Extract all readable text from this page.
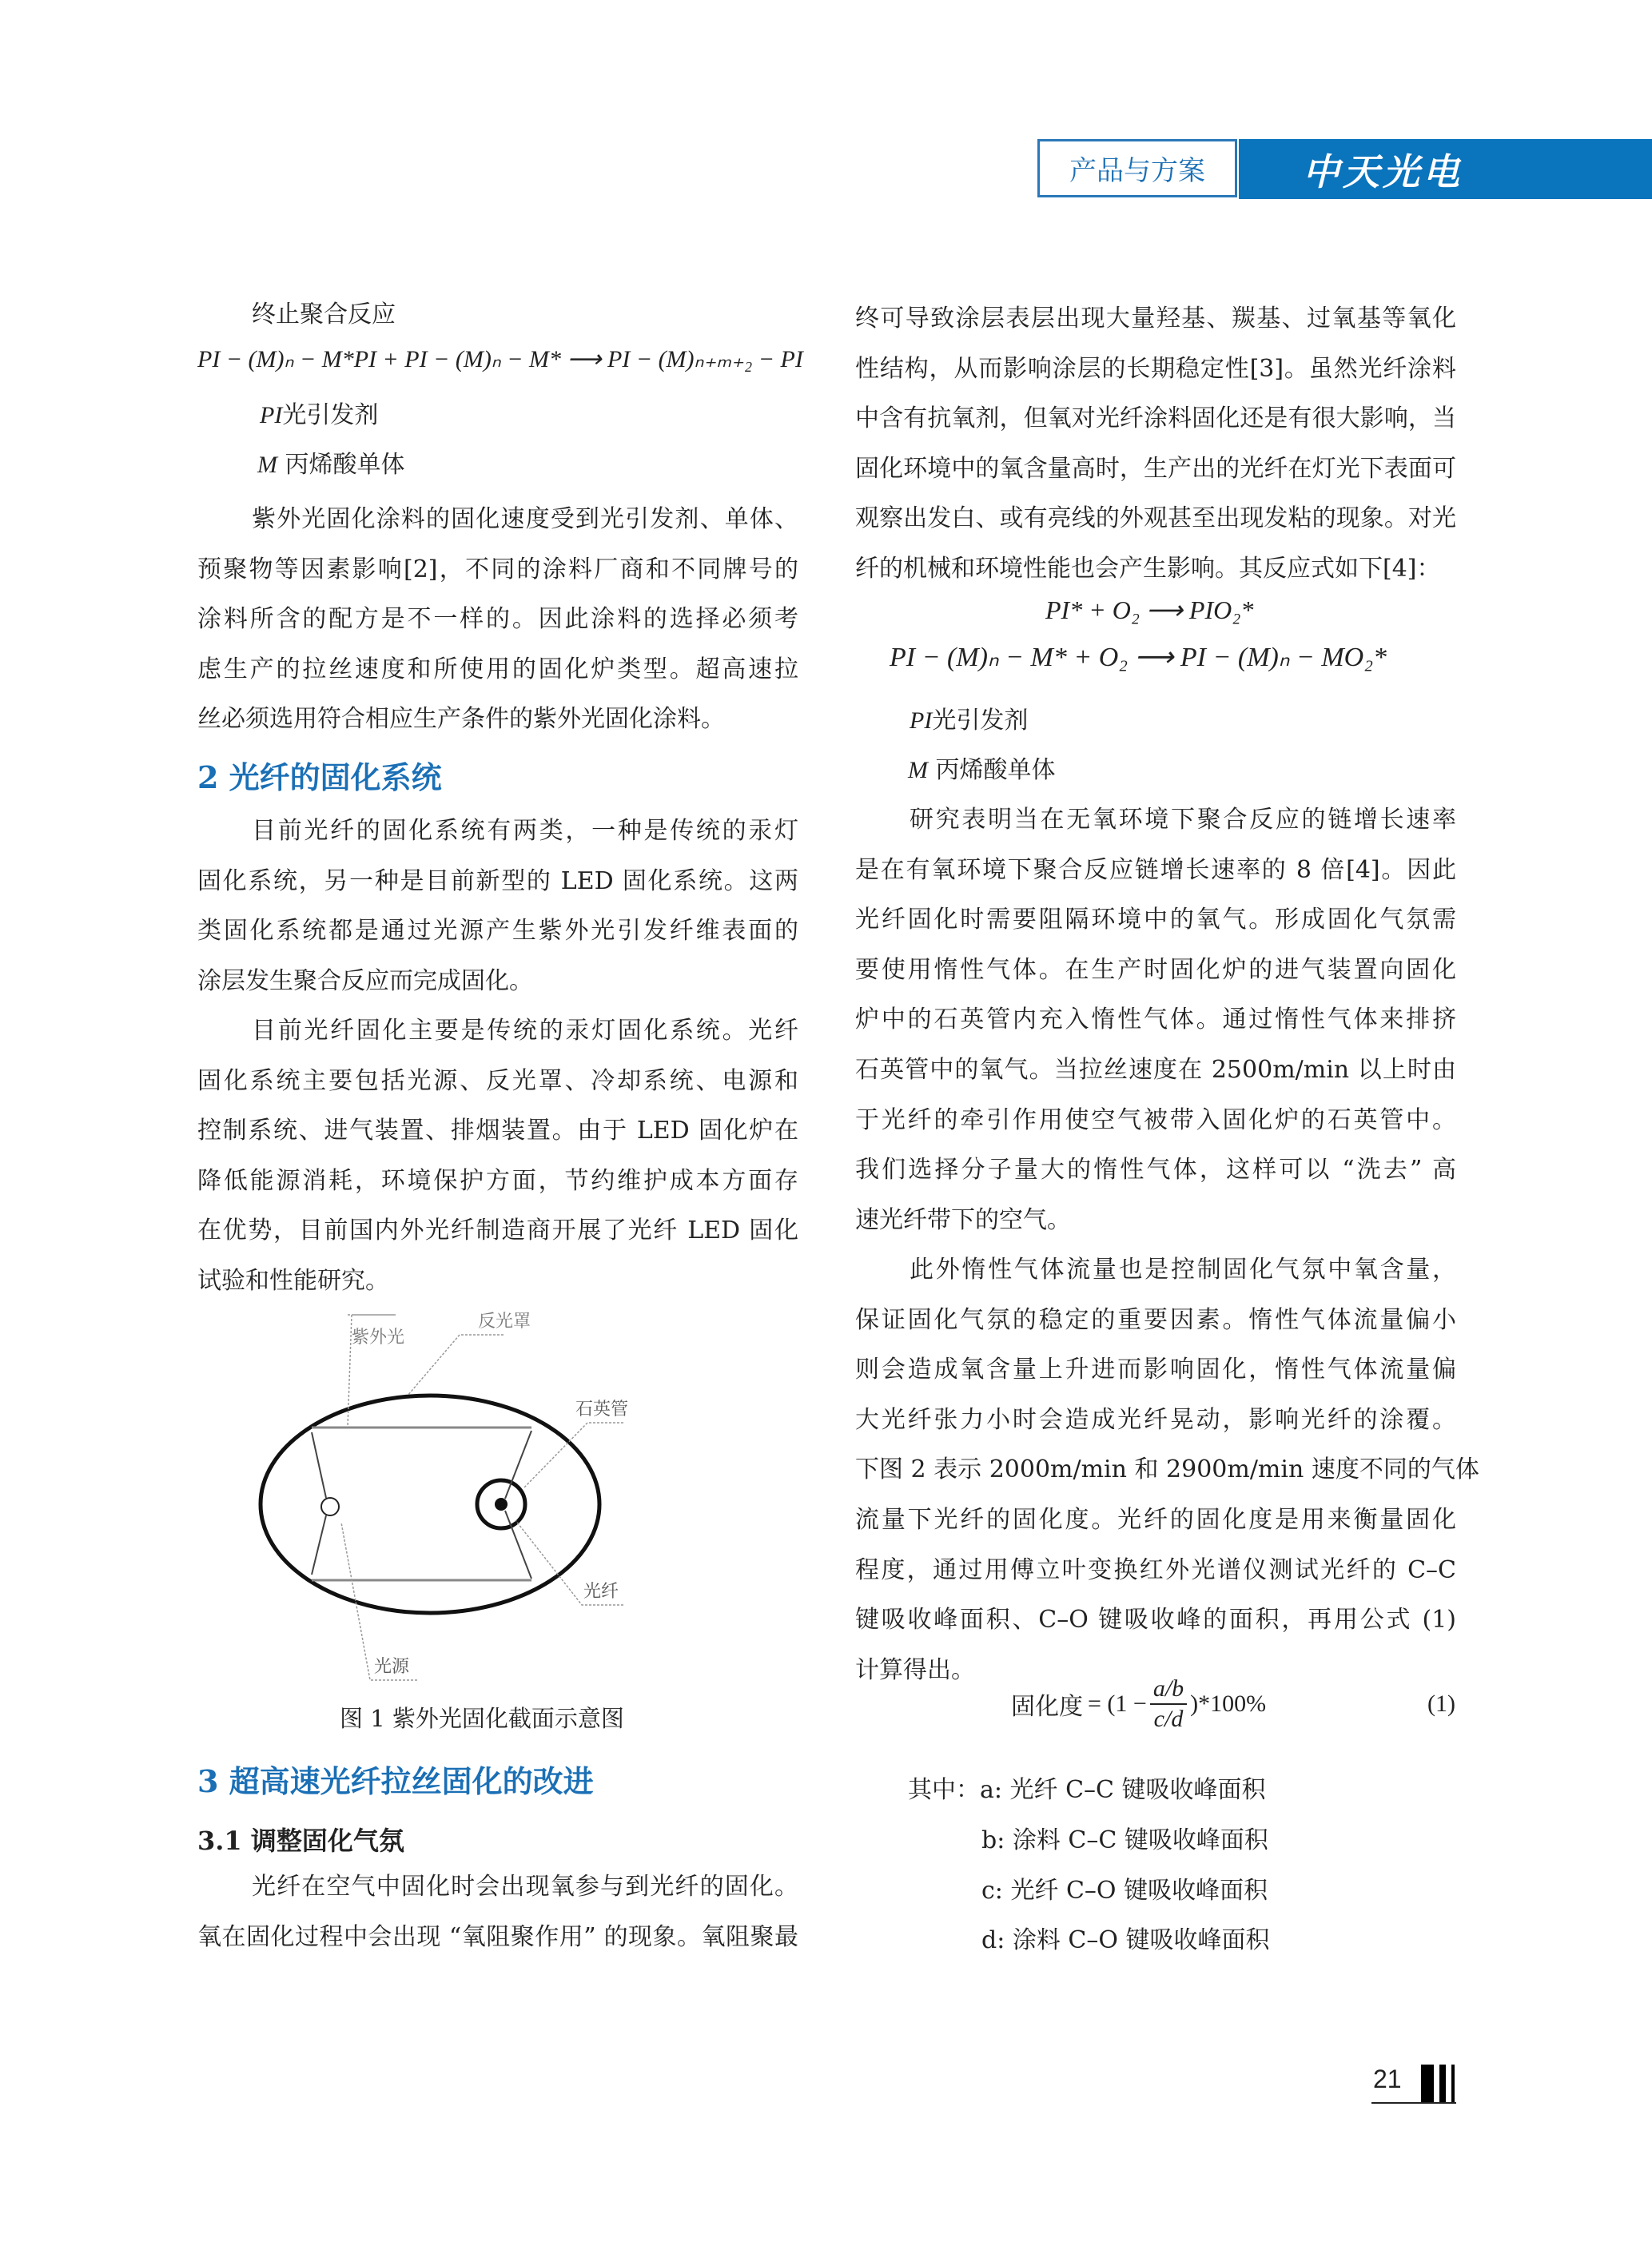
产品与方案	中天光电
终止聚合反应
PI − (M)ₙ − M*PI + PI − (M)ₙ − M* ⟶ PI − (M)ₙ₊ₘ₊₂ − PI
PI光引发剂
M 丙烯酸单体
紫外光固化涂料的固化速度受到光引发剂、单体、
预聚物等因素影响[2]，不同的涂料厂商和不同牌号的
涂料所含的配方是不一样的。因此涂料的选择必须考
虑生产的拉丝速度和所使用的固化炉类型。超高速拉
丝必须选用符合相应生产条件的紫外光固化涂料。
2 光纤的固化系统
目前光纤的固化系统有两类，一种是传统的汞灯
固化系统，另一种是目前新型的 LED 固化系统。这两
类固化系统都是通过光源产生紫外光引发纤维表面的
涂层发生聚合反应而完成固化。
目前光纤固化主要是传统的汞灯固化系统。光纤
固化系统主要包括光源、反光罩、冷却系统、电源和
控制系统、进气装置、排烟装置。由于 LED 固化炉在
降低能源消耗，环境保护方面，节约维护成本方面存
在优势，目前国内外光纤制造商开展了光纤 LED 固化
试验和性能研究。
紫外光
反光罩
石英管
光纤
光源
图 1 紫外光固化截面示意图
3 超高速光纤拉丝固化的改进
3.1 调整固化气氛
光纤在空气中固化时会出现氧参与到光纤的固化。
氧在固化过程中会出现 “氧阻聚作用” 的现象。氧阻聚最
终可导致涂层表层出现大量羟基、羰基、过氧基等氧化
性结构，从而影响涂层的长期稳定性[3]。虽然光纤涂料
中含有抗氧剂，但氧对光纤涂料固化还是有很大影响，当
固化环境中的氧含量高时，生产出的光纤在灯光下表面可
观察出发白、或有亮线的外观甚至出现发粘的现象。对光
纤的机械和环境性能也会产生影响。其反应式如下[4]：
PI* + O₂ ⟶ PIO₂*
PI − (M)ₙ − M* + O₂ ⟶ PI − (M)ₙ − MO₂*
PI光引发剂
M 丙烯酸单体
研究表明当在无氧环境下聚合反应的链增长速率
是在有氧环境下聚合反应链增长速率的 8 倍[4]。因此
光纤固化时需要阻隔环境中的氧气。形成固化气氛需
要使用惰性气体。在生产时固化炉的进气装置向固化
炉中的石英管内充入惰性气体。通过惰性气体来排挤
石英管中的氧气。当拉丝速度在 2500m/min 以上时由
于光纤的牵引作用使空气被带入固化炉的石英管中。
我们选择分子量大的惰性气体，这样可以 “洗去” 高
速光纤带下的空气。
此外惰性气体流量也是控制固化气氛中氧含量，
保证固化气氛的稳定的重要因素。惰性气体流量偏小
则会造成氧含量上升进而影响固化，惰性气体流量偏
大光纤张力小时会造成光纤晃动，影响光纤的涂覆。
下图 2 表示 2000m/min 和 2900m/min 速度不同的气体
流量下光纤的固化度。光纤的固化度是用来衡量固化
程度，通过用傅立叶变换红外光谱仪测试光纤的 C–C
键吸收峰面积、C–O 键吸收峰的面积，再用公式 (1)
计算得出。
固化度 = $(1 - \frac{a/b}{c/d} )*100\%$	(1)
其中：a: 光纤 C–C 键吸收峰面积
b: 涂料 C–C 键吸收峰面积
c: 光纤 C–O 键吸收峰面积
d: 涂料 C–O 键吸收峰面积
21
